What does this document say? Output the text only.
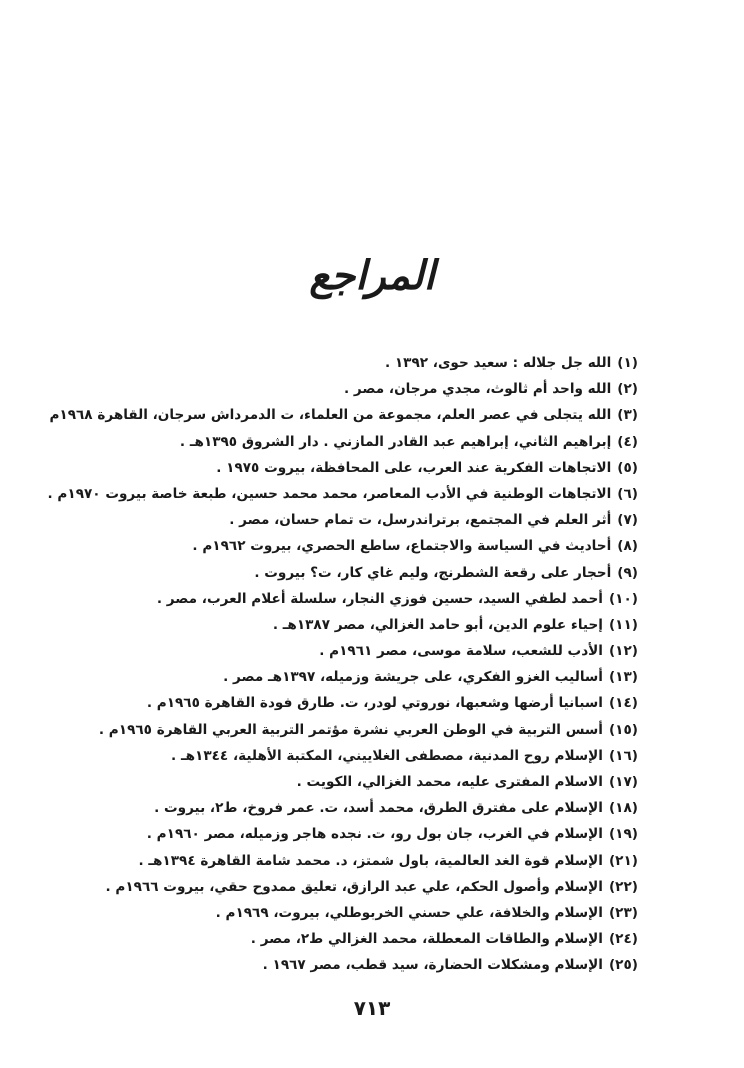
المراجع
(١)الله جل جلاله : سعيد حوى، ١٣٩٢ .
(٢)الله واحد أم ثالوث، مجدي مرجان، مصر .
(٣)الله يتجلى في عصر العلم، مجموعة من العلماء، ت الدمرداش سرجان، القاهرة ١٩٦٨م
(٤)إبراهيم الثاني، إبراهيم عبد القادر المازني . دار الشروق ١٣٩٥هـ .
(٥)الاتجاهات الفكرية عند العرب، على المحافظة، بيروت ١٩٧٥ .
(٦)الاتجاهات الوطنية في الأدب المعاصر، محمد محمد حسين، طبعة خاصة بيروت ١٩٧٠م .
(٧)أثر العلم في المجتمع، برتراندرسل، ت تمام حسان، مصر .
(٨)أحاديث في السياسة والاجتماع، ساطع الحصري، بيروت ١٩٦٢م .
(٩)أحجار على رقعة الشطرنج، وليم غاي كار، ت؟ بيروت .
(١٠)أحمد لطفي السيد، حسين فوزي النجار، سلسلة أعلام العرب، مصر .
(١١)إحياء علوم الدين، أبو حامد الغزالي، مصر ١٣٨٧هـ .
(١٢)الأدب للشعب، سلامة موسى، مصر ١٩٦١م .
(١٣)أساليب الغزو الفكري، على جريشة وزميله، ١٣٩٧هـ مصر .
(١٤)اسبانيا أرضها وشعبها، نوروتي لودر، ت. طارق فودة القاهرة ١٩٦٥م .
(١٥)أسس التربية في الوطن العربي نشرة مؤتمر التربية العربي القاهرة ١٩٦٥م .
(١٦)الإسلام روح المدنية، مصطفى الغلاييني، المكتبة الأهلية، ١٣٤٤هـ .
(١٧)الاسلام المفترى عليه، محمد الغزالي، الكويت .
(١٨)الإسلام على مفترق الطرق، محمد أسد، ت. عمر فروخ، ط٢، بيروت .
(١٩)الإسلام في الغرب، جان بول رو، ت. نجده هاجر وزميله، مصر ١٩٦٠م .
(٢١)الإسلام قوة الغد العالمية، باول شمتز، د. محمد شامة القاهرة ١٣٩٤هـ .
(٢٢)الإسلام وأصول الحكم، علي عبد الرازق، تعليق ممدوح حقي، بيروت ١٩٦٦م .
(٢٣)الإسلام والخلافة، علي حسني الخربوطلي، بيروت، ١٩٦٩م .
(٢٤)الإسلام والطاقات المعطلة، محمد الغزالي ط٢، مصر .
(٢٥)الإسلام ومشكلات الحضارة، سيد قطب، مصر ١٩٦٧ .
٧١٣
